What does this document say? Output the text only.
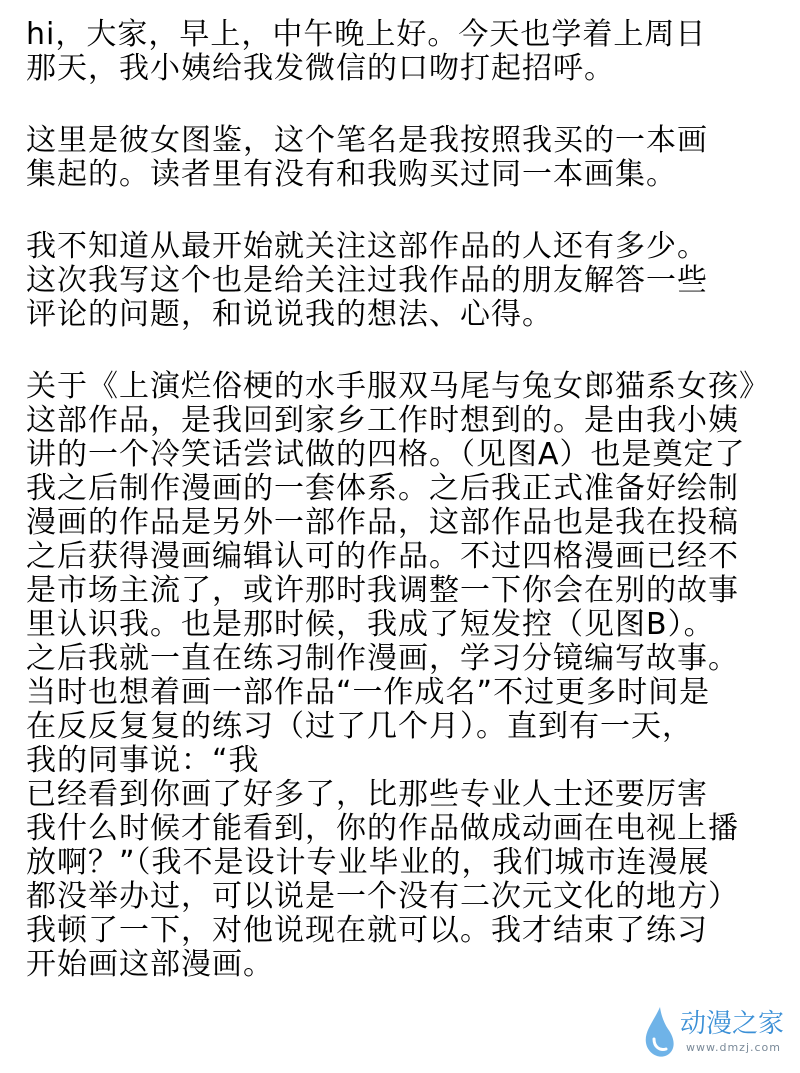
hi，大家，早上，中午晚上好。今天也学着上周日
那天，我小姨给我发微信的口吻打起招呼。
这里是彼女图鉴，这个笔名是我按照我买的一本画
集起的。读者里有没有和我购买过同一本画集。
我不知道从最开始就关注这部作品的人还有多少。
这次我写这个也是给关注过我作品的朋友解答一些
评论的问题，和说说我的想法、心得。
关于《上演烂俗梗的水手服双马尾与兔女郎猫系女孩》
这部作品，是我回到家乡工作时想到的。是由我小姨
讲的一个冷笑话尝试做的四格。（见图A）也是奠定了
我之后制作漫画的一套体系。之后我正式准备好绘制
漫画的作品是另外一部作品，这部作品也是我在投稿
之后获得漫画编辑认可的作品。不过四格漫画已经不
是市场主流了，或许那时我调整一下你会在别的故事
里认识我。也是那时候，我成了短发控（见图B）。
之后我就一直在练习制作漫画，学习分镜编写故事。
当时也想着画一部作品“一作成名”不过更多时间是
在反反复复的练习（过了几个月）。直到有一天，
我的同事说：“我
已经看到你画了好多了，比那些专业人士还要厉害
我什么时候才能看到，你的作品做成动画在电视上播
放啊？”（我不是设计专业毕业的，我们城市连漫展
都没举办过，可以说是一个没有二次元文化的地方）
我顿了一下，对他说现在就可以。我才结束了练习
开始画这部漫画。
动漫之家
www.dmzj.com
